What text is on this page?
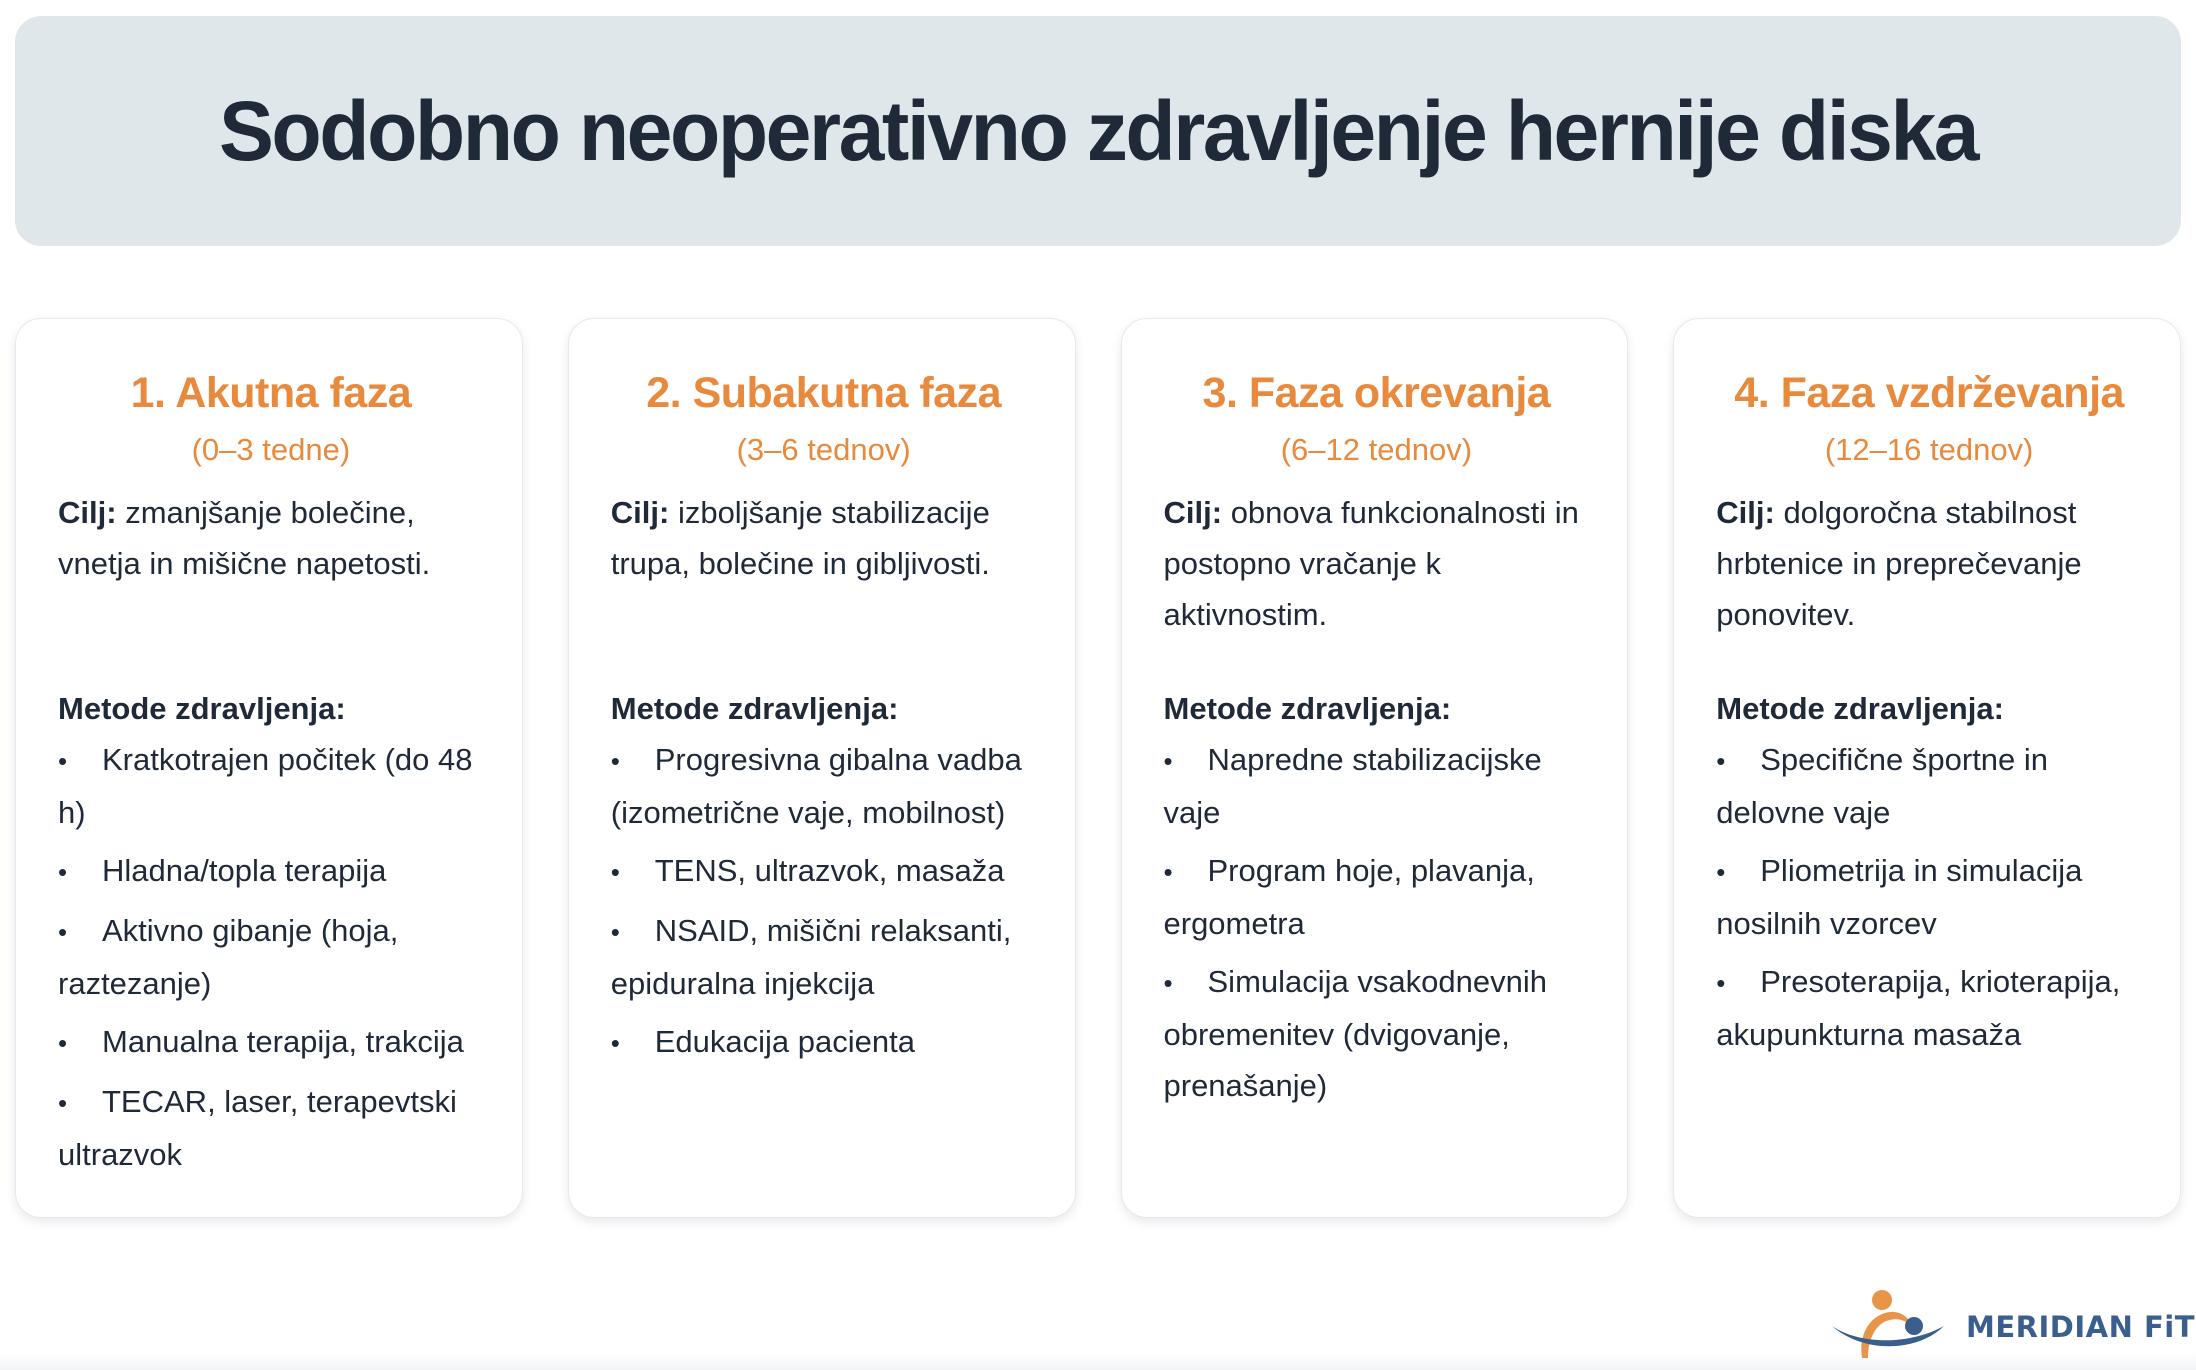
Sodobno neoperativno zdravljenje hernije diska
1. Akutna faza
(0–3 tedne)
Cilj: zmanjšanje bolečine, vnetja in mišične napetosti.
Metode zdravljenja:
• Kratkotrajen počitek (do 48 h)
• Hladna/topla terapija
• Aktivno gibanje (hoja, raztezanje)
• Manualna terapija, trakcija
• TECAR, laser, terapevtski ultrazvok
2. Subakutna faza
(3–6 tednov)
Cilj: izboljšanje stabilizacije trupa, bolečine in gibljivosti.
Metode zdravljenja:
• Progresivna gibalna vadba (izometrične vaje, mobilnost)
• TENS, ultrazvok, masaža
• NSAID, mišični relaksanti, epiduralna injekcija
• Edukacija pacienta
3. Faza okrevanja
(6–12 tednov)
Cilj: obnova funkcionalnosti in postopno vračanje k aktivnostim.
Metode zdravljenja:
• Napredne stabilizacijske vaje
• Program hoje, plavanja, ergometra
• Simulacija vsakodnevnih obremenitev (dvigovanje, prenašanje)
4. Faza vzdrževanja
(12–16 tednov)
Cilj: dolgoročna stabilnost hrbtenice in preprečevanje ponovitev.
Metode zdravljenja:
• Specifične športne in delovne vaje
• Pliometrija in simulacija nosilnih vzorcev
• Presoterapija, krioterapija, akupunkturna masaža
MERIDIAN FiT
